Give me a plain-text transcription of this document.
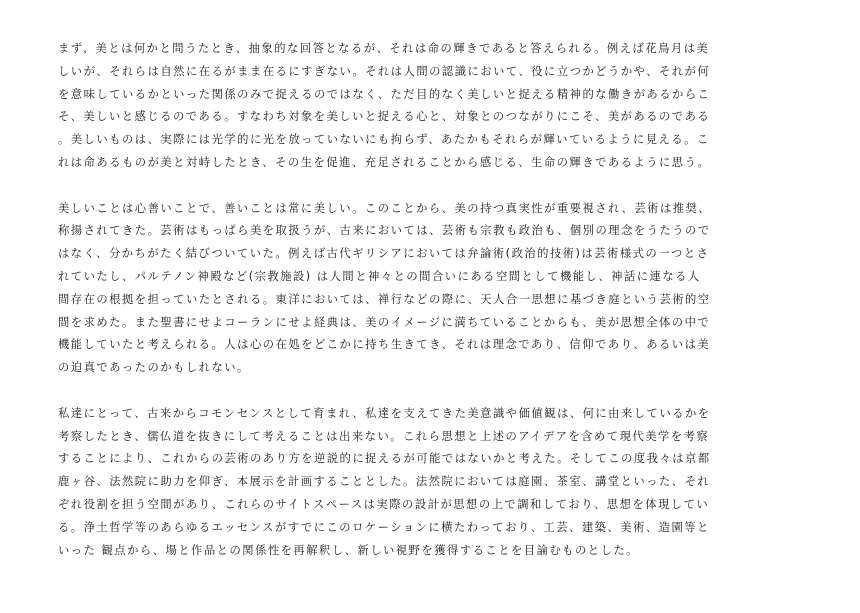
まず、美とは何かと問うたとき、抽象的な回答となるが、それは命の輝きであると答えられる。例えば花鳥月は美
しいが、それらは自然に在るがまま在るにすぎない。それは人間の認識において、役に立つかどうかや、それが何
を意味しているかといった関係のみで捉えるのではなく、ただ目的なく美しいと捉える精神的な働きがあるからこ
そ、美しいと感じるのである。すなわち対象を美しいと捉える心と、対象とのつながりにこそ、美があるのである
。美しいものは、実際には光学的に光を放っていないにも拘らず、あたかもそれらが輝いているように見える。こ
れは命あるものが美と対峙したとき、その生を促進、充足されることから感じる、生命の輝きであるように思う。
美しいことは心善いことで、善いことは常に美しい。このことから、美の持つ真実性が重要視され、芸術は推奨、
称揚されてきた。芸術はもっぱら美を取扱うが、古来においては、芸術も宗教も政治も、個別の理念をうたうので
はなく、分かちがたく結びついていた。例えば古代ギリシアにおいては弁論術(政治的技術)は芸術様式の一つとさ
れていたし、パルテノン神殿など(宗教施設) は人間と神々との間合いにある空間として機能し、神話に連なる人
間存在の根拠を担っていたとされる。東洋においては、禅行などの際に、天人合一思想に基づき庭という芸術的空
間を求めた。また聖書にせよコーランにせよ経典は、美のイメージに満ちていることからも、美が思想全体の中で
機能していたと考えられる。人は心の在処をどこかに持ち生きてき、それは理念であり、信仰であり、あるいは美
の迫真であったのかもしれない。
私達にとって、古来からコモンセンスとして育まれ、私達を支えてきた美意識や価値観は、何に由来しているかを
考察したとき、儒仏道を抜きにして考えることは出来ない。これら思想と上述のアイデアを含めて現代美学を考察
することにより、これからの芸術のあり方を逆説的に捉えるが可能ではないかと考えた。そしてこの度我々は京都
鹿ヶ谷、法然院に助力を仰ぎ、本展示を計画することとした。法然院においては庭園、茶室、講堂といった、それ
ぞれ役割を担う空間があり、これらのサイトスペースは実際の設計が思想の上で調和しており、思想を体現してい
る。浄土哲学等のあらゆるエッセンスがすでにこのロケーションに横たわっており、工芸、建築、美術、造園等と
いった 観点から、場と作品との関係性を再解釈し、新しい視野を獲得することを目論むものとした。
